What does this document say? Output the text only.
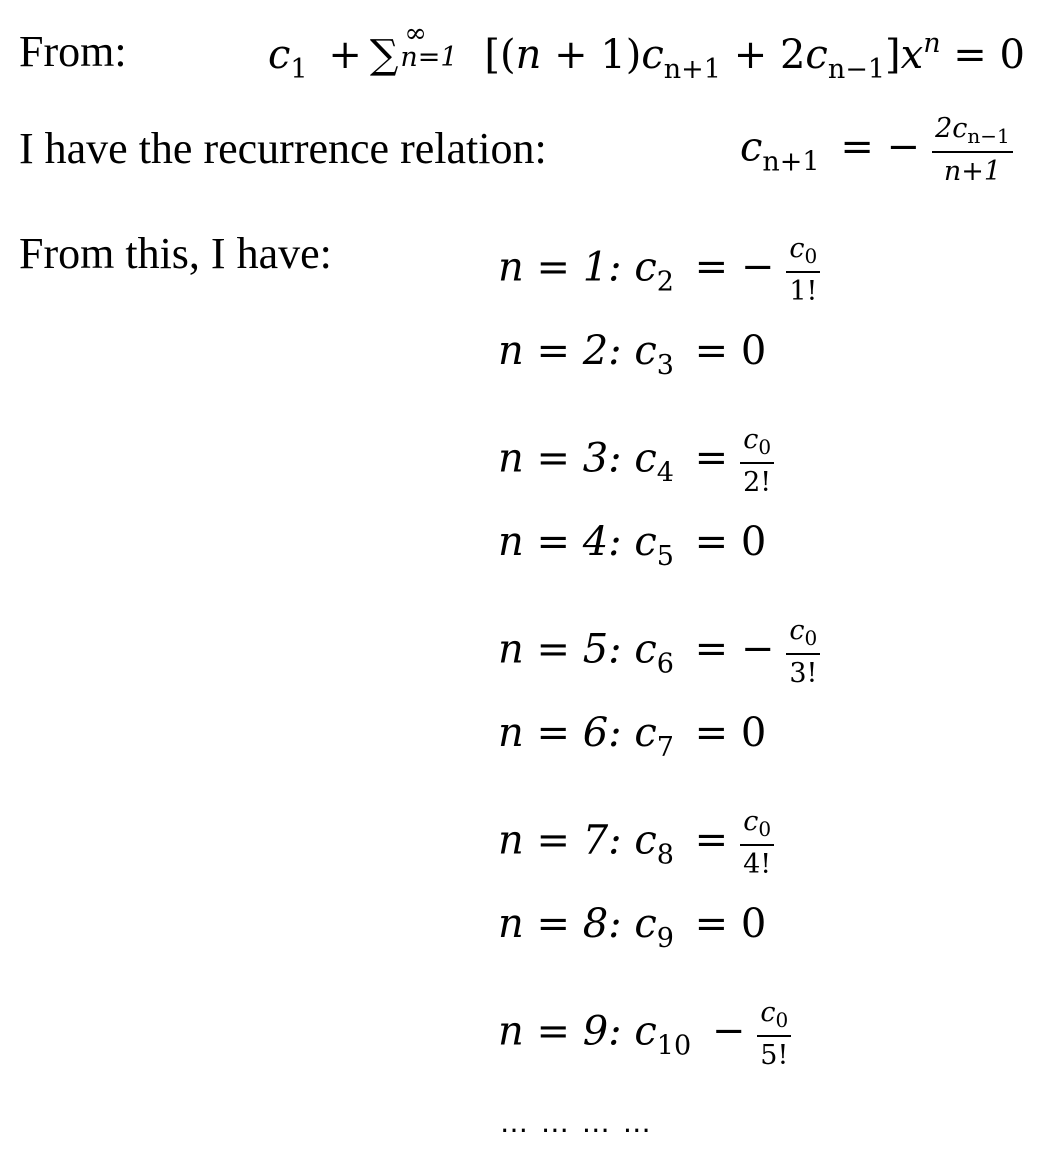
From:	$c_1$ + ∑ ∞
n=1 $[(n + 1)c_{n+1} + 2c_{n-1}]x^n = 0$
I have the recurrence relation:	$c_{n+1}$ = − $\frac{2c_{n-1}}{n+1}$
From this, I have:	n = 1: $c_2$ = − $\frac{c_0}{1!}$
n = 2: $c_3 = 0$
n = 3: $c_4 = \frac{c_0}{2!}$
n = 4: $c_5 = 0$
n = 5: $c_6$ = − $\frac{c_0}{3!}$
n = 6: $c_7 = 0$
n = 7: $c_8 = \frac{c_0}{4!}$
n = 8: $c_9 = 0$
n = 9: $c_{10} - \frac{c_0}{5!}$
… … … …
